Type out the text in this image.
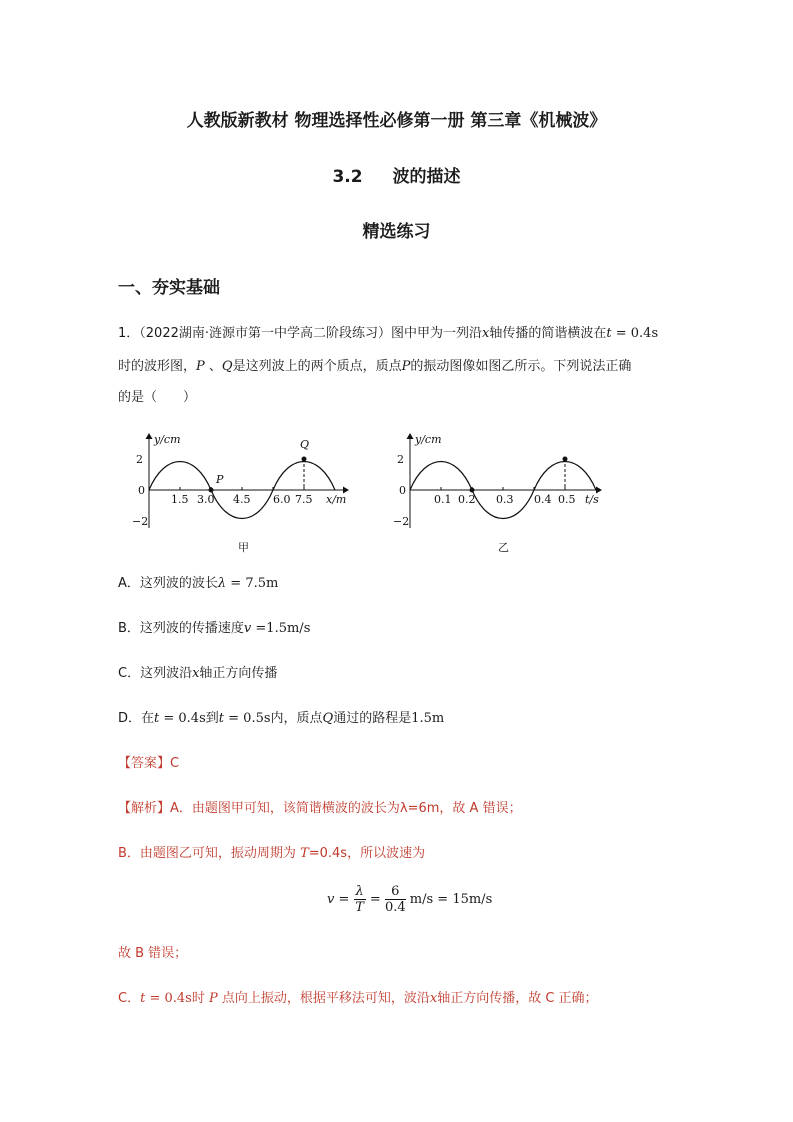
人教版新教材 物理选择性必修第一册 第三章《机械波》
3.2 波的描述
精选练习
一、夯实基础
1．（2022湖南·涟源市第一中学高二阶段练习）图中甲为一列沿x轴传播的简谐横波在t = 0.4s
时的波形图，P 、Q是这列波上的两个质点，质点P的振动图像如图乙所示。下列说法正确
的是（　　）
y/cm
2
−2
0
1.5 3.0 4.5 6.0 7.5 x/m
P
Q
甲
y/cm
2
−2
0
0.1 0.2 0.3 0.4 0.5 t/s
乙
A．这列波的波长λ = 7.5m
B．这列波的传播速度v =1.5m/s
C．这列波沿x轴正方向传播
D．在t = 0.4s到t = 0.5s内，质点Q通过的路程是1.5m
【答案】C
【解析】A．由题图甲可知，该简谐横波的波长为λ=6m，故 A 错误；
B．由题图乙可知，振动周期为 T=0.4s，所以波速为
$v = \frac{\lambda}{T} = \frac{6}{0.4} m/s = 15m/s$
故 B 错误；
C．t = 0.4s时 P 点向上振动，根据平移法可知，波沿x轴正方向传播，故 C 正确；
